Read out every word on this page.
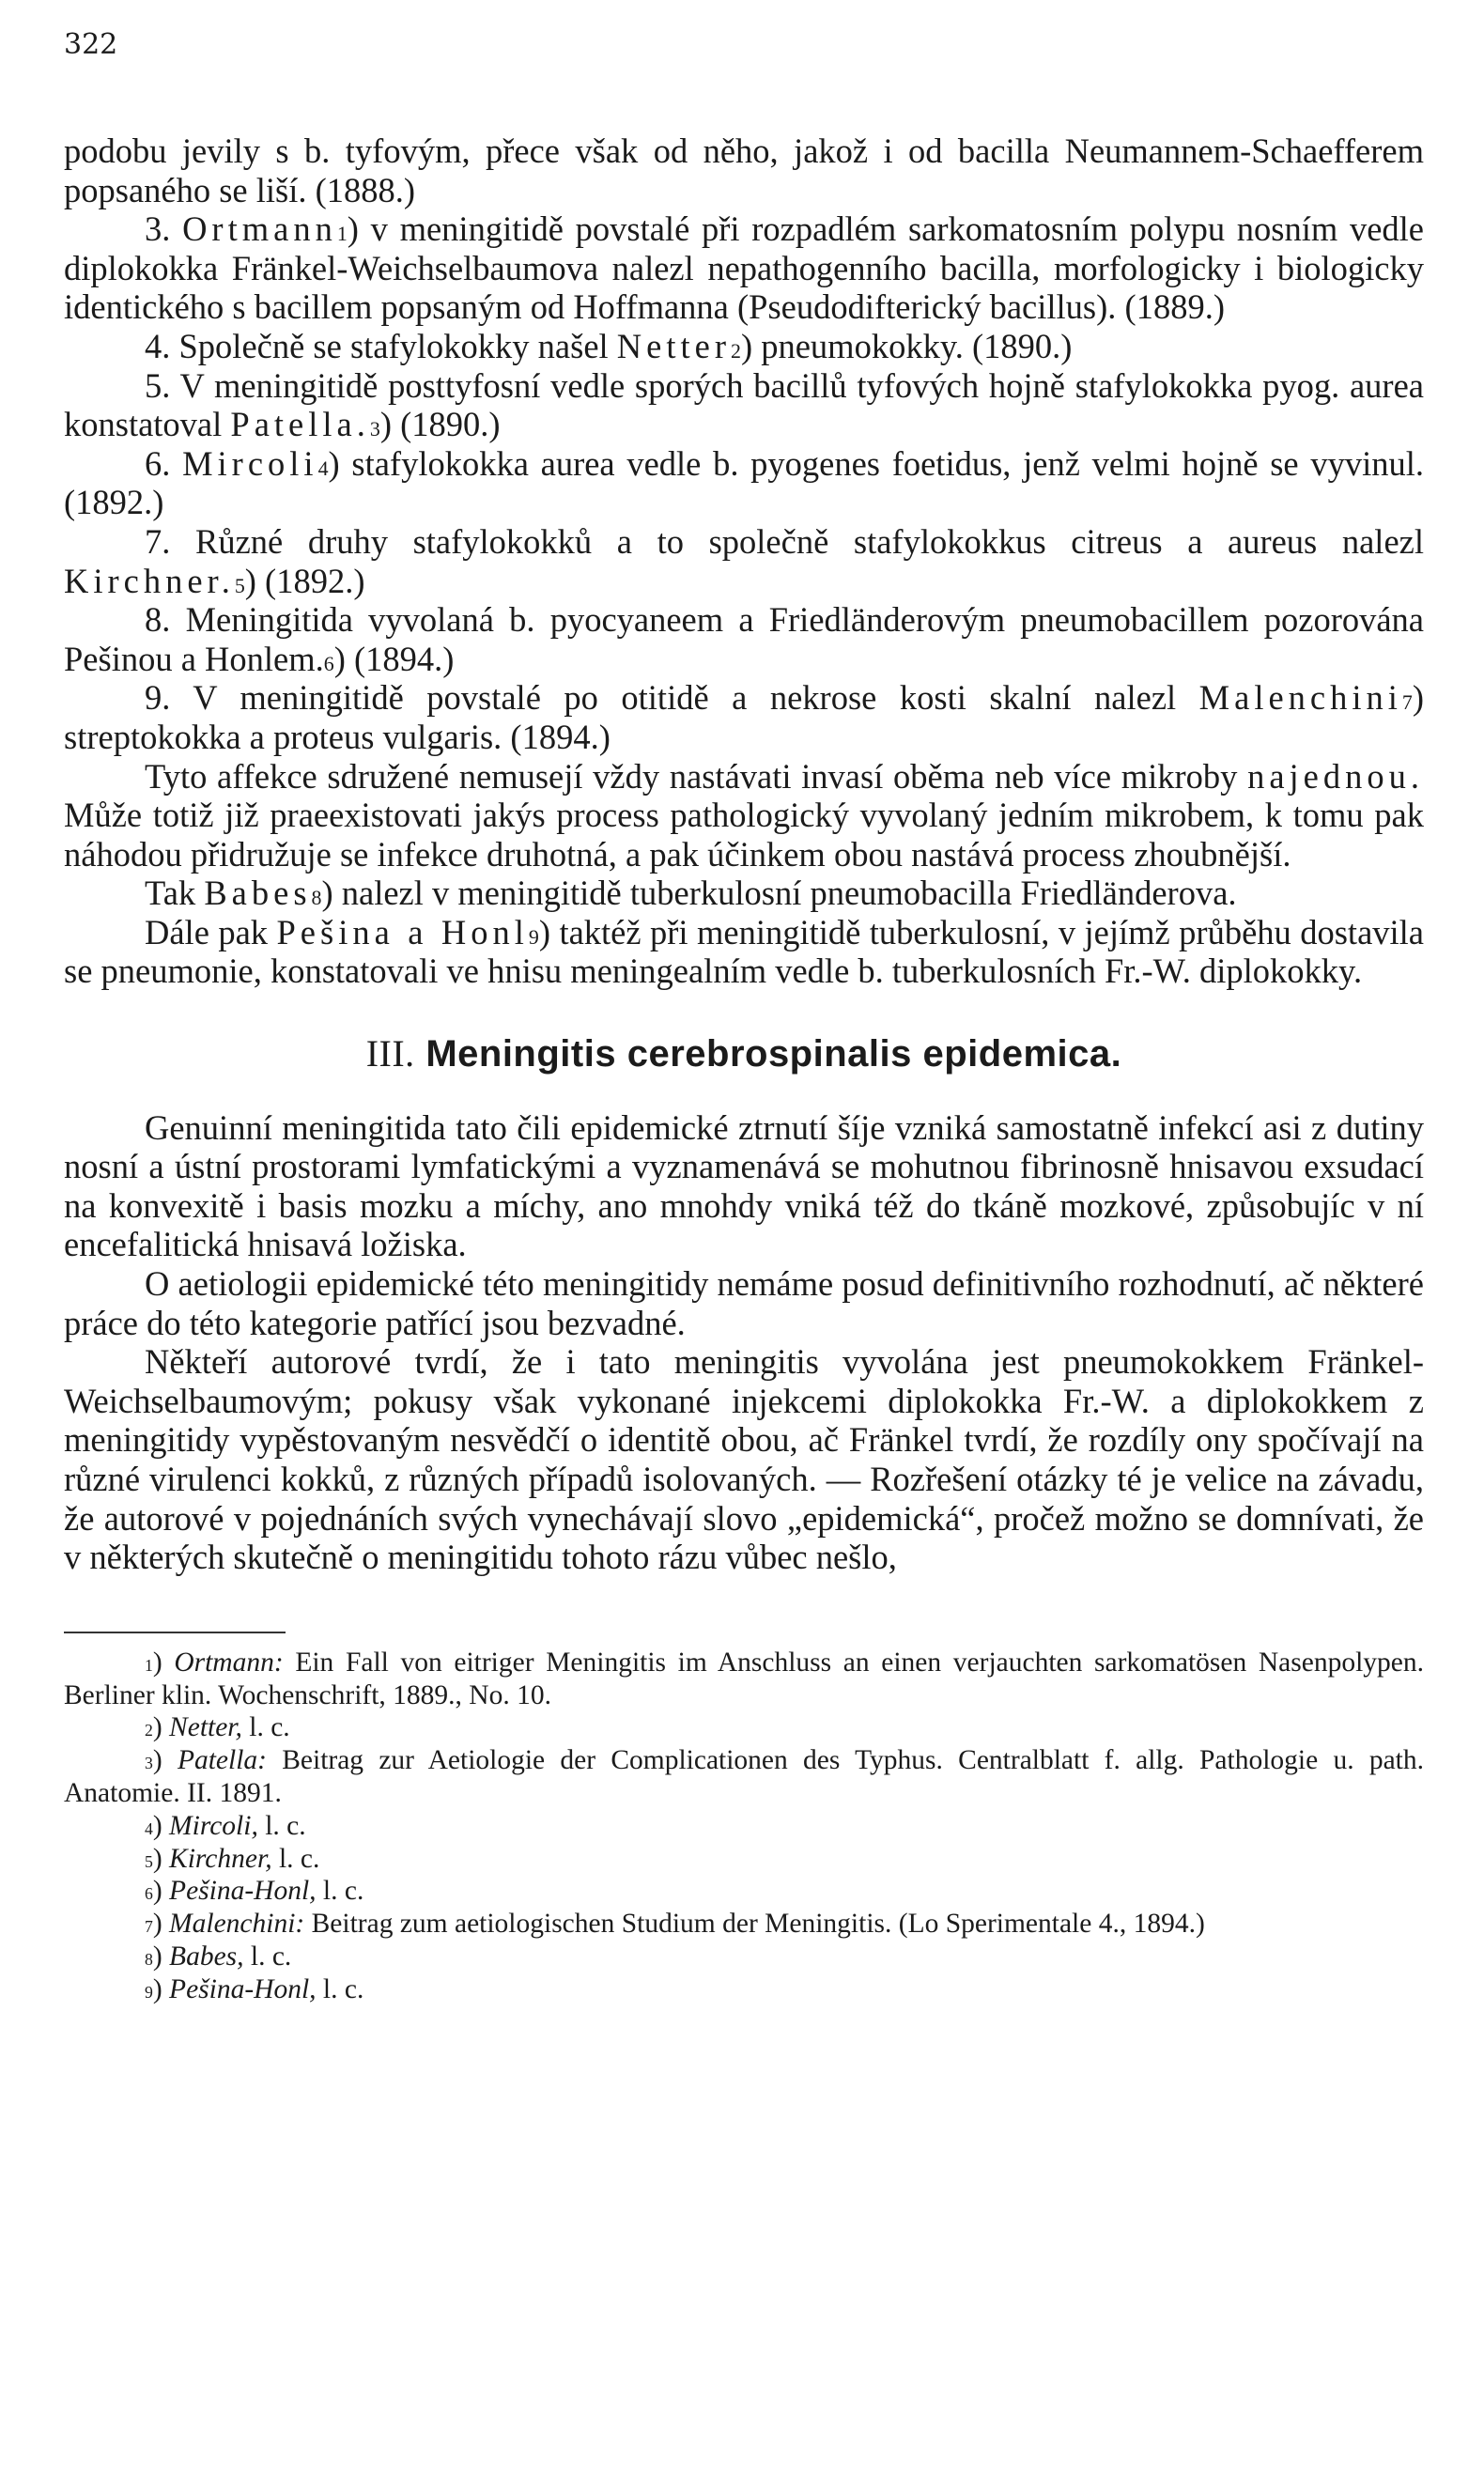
322

podobu jevily s b. tyfovým, přece však od něho, jakož i od bacilla Neumannem-Schaefferem popsaného se liší. (1888.)

3. Ortmann$^1$) v meningitidě povstalé při rozpadlém sarkomatosním polypu nosním vedle diplokokka Fränkel-Weichselbaumova nalezl nepathogenního bacilla, morfologicky i biologicky identického s bacillem popsaným od Hoffmanna (Pseudodifterický bacillus). (1889.)

4. Společně se stafylokokky našel Netter$^2$) pneumokokky. (1890.)

5. V meningitidě posttyfosní vedle sporých bacillů tyfových hojně stafylokokka pyog. aurea konstatoval Patella.$^3$) (1890.)

6. Mircoli$^4$) stafylokokka aurea vedle b. pyogenes foetidus, jenž velmi hojně se vyvinul. (1892.)

7. Různé druhy stafylokokků a to společně stafylokokkus citreus a aureus nalezl Kirchner.$^5$) (1892.)

8. Meningitida vyvolaná b. pyocyaneem a Friedländerovým pneumobacillem pozorována Pešinou a Honlem.$^6$) (1894.)

9. V meningitidě povstalé po otitidě a nekrose kosti skalní nalezl Malenchini$^7$) streptokokka a proteus vulgaris. (1894.)

Tyto affekce sdružené nemusejí vždy nastávati invasí oběma neb více mikroby najednou. Může totiž již praeexistovati jakýs process pathologický vyvolaný jedním mikrobem, k tomu pak náhodou přidružuje se infekce druhotná, a pak účinkem obou nastává process zhoubnější.

Tak Babes$^8$) nalezl v meningitidě tuberkulosní pneumobacilla Friedländerova.

Dále pak Pešina a Honl$^9$) taktéž při meningitidě tuberkulosní, v jejímž průběhu dostavila se pneumonie, konstatovali ve hnisu meningealním vedle b. tuberkulosních Fr.-W. diplokokky.

III. Meningitis cerebrospinalis epidemica.

Genuinní meningitida tato čili epidemické ztrnutí šíje vzniká samostatně infekcí asi z dutiny nosní a ústní prostorami lymfatickými a vyznamenává se mohutnou fibrinosně hnisavou exsudací na konvexitě i basis mozku a míchy, ano mnohdy vniká též do tkáně mozkové, způsobujíc v ní encefalitická hnisavá ložiska.

O aetiologii epidemické této meningitidy nemáme posud definitivního rozhodnutí, ač některé práce do této kategorie patřící jsou bezvadné.

Někteří autorové tvrdí, že i tato meningitis vyvolána jest pneumokokkem Fränkel-Weichselbaumovým; pokusy však vykonané injekcemi diplokokka Fr.-W. a diplokokkem z meningitidy vypěstovaným nesvědčí o identitě obou, ač Fränkel tvrdí, že rozdíly ony spočívají na různé virulenci kokků, z různých případů isolovaných. — Rozřešení otázky té je velice na závadu, že autorové v pojednáních svých vynechávají slovo „epidemická“, pročež možno se domnívati, že v některých skutečně o meningitidu tohoto rázu vůbec nešlo,

$^1$) Ortmann: Ein Fall von eitriger Meningitis im Anschluss an einen verjauchten sarkomatösen Nasenpolypen. Berliner klin. Wochenschrift, 1889., No. 10.

$^2$) Netter, l. c.

$^3$) Patella: Beitrag zur Aetiologie der Complicationen des Typhus. Centralblatt f. allg. Pathologie u. path. Anatomie. II. 1891.

$^4$) Mircoli, l. c.

$^5$) Kirchner, l. c.

$^6$) Pešina-Honl, l. c.

$^7$) Malenchini: Beitrag zum aetiologischen Studium der Meningitis. (Lo Sperimentale 4., 1894.)

$^8$) Babes, l. c.

$^9$) Pešina-Honl, l. c.
